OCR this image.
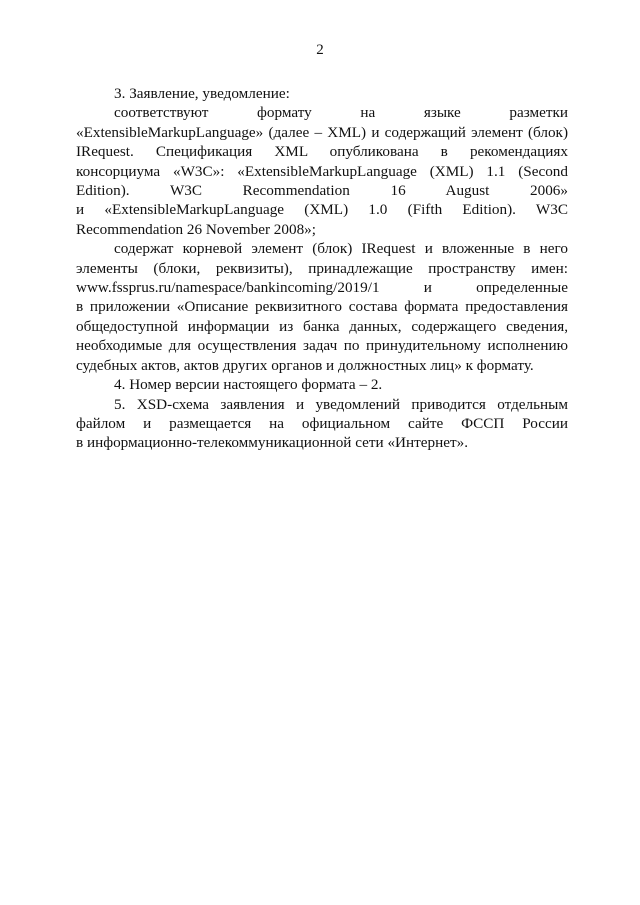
2

3. Заявление, уведомление:

соответствуют формату на языке разметки
«ExtensibleMarkupLanguage» (далее – XML) и содержащий элемент (блок)
IRequest. Спецификация XML опубликована в рекомендациях
консорциума «W3C»: «ExtensibleMarkupLanguage (XML) 1.1 (Second
Edition). W3C Recommendation 16 August 2006»
и «ExtensibleMarkupLanguage (XML) 1.0 (Fifth Edition). W3C
Recommendation 26 November 2008»;

содержат корневой элемент (блок) IRequest и вложенные в него
элементы (блоки, реквизиты), принадлежащие пространству имен:
www.fssprus.ru/namespace/bankincoming/2019/1 и определенные
в приложении «Описание реквизитного состава формата предоставления
общедоступной информации из банка данных, содержащего сведения,
необходимые для осуществления задач по принудительному исполнению
судебных актов, актов других органов и должностных лиц» к формату.

4. Номер версии настоящего формата – 2.

5. XSD-схема заявления и уведомлений приводится отдельным
файлом и размещается на официальном сайте ФССП России
в информационно-телекоммуникационной сети «Интернет».
